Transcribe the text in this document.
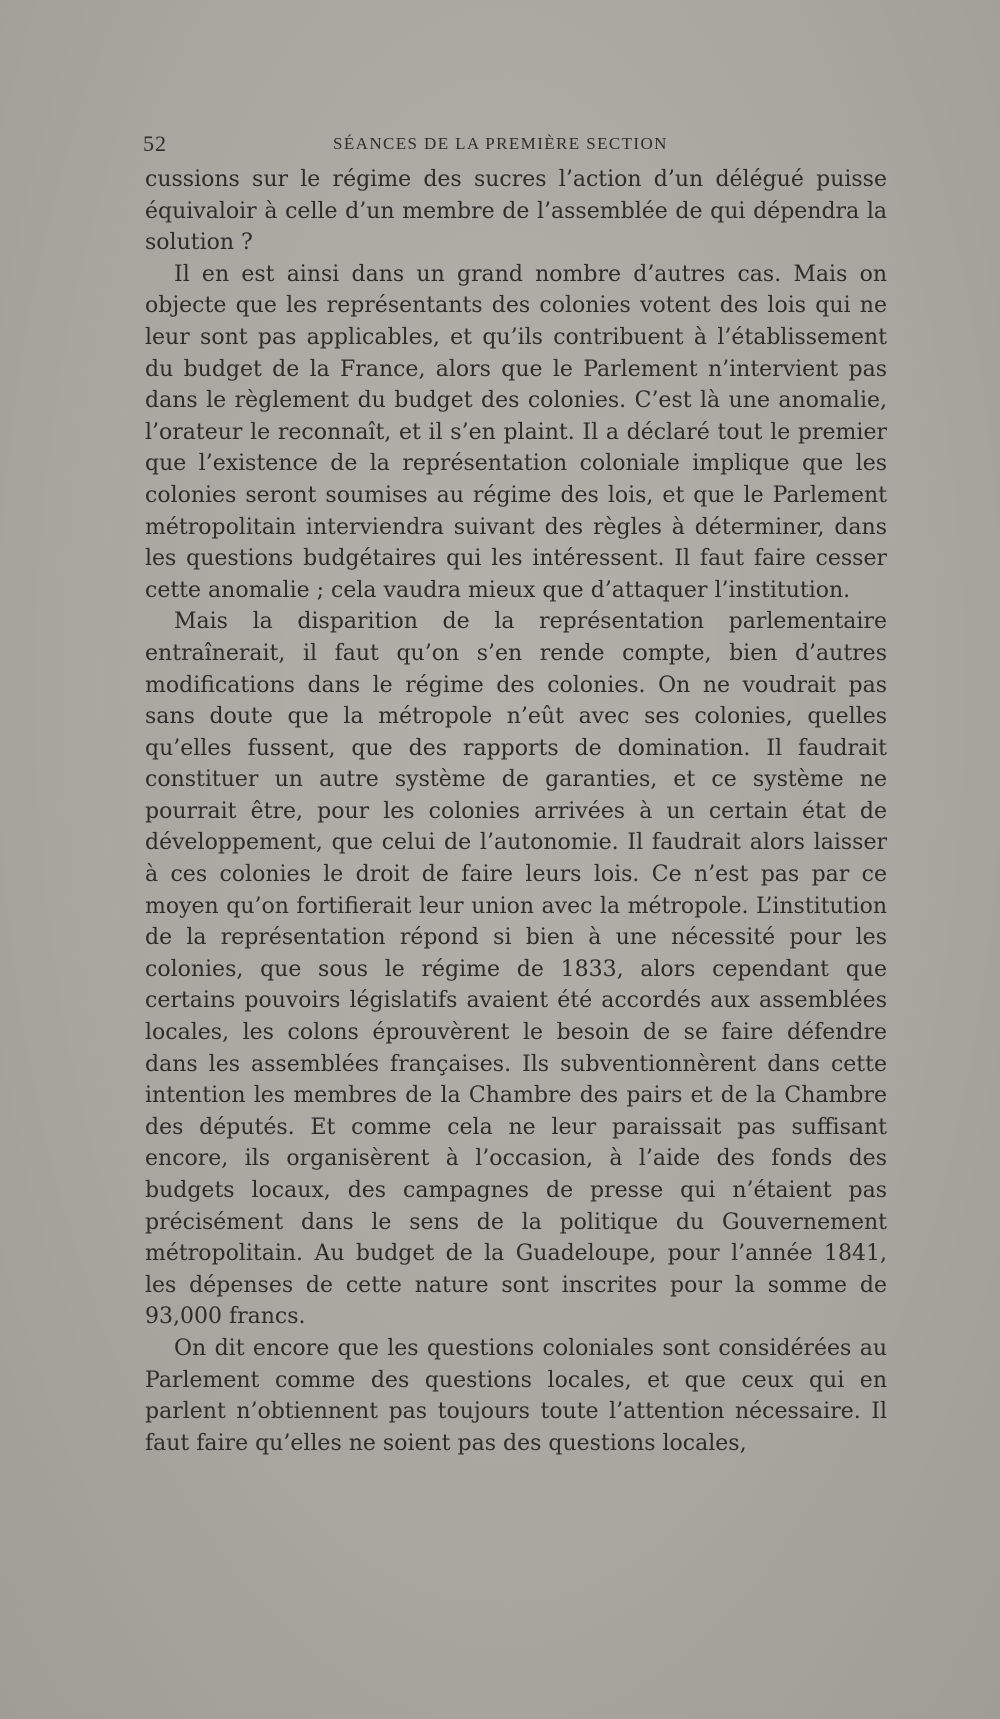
52	SÉANCES DE LA PREMIÈRE SECTION

cussions sur le régime des sucres l’action d’un délégué puisse équivaloir à celle d’un membre de l’assemblée de qui dépendra la solution ?

Il en est ainsi dans un grand nombre d’autres cas. Mais on objecte que les représentants des colonies votent des lois qui ne leur sont pas applicables, et qu’ils contribuent à l’établissement du budget de la France, alors que le Parlement n’intervient pas dans le règlement du budget des colonies. C’est là une anomalie, l’orateur le reconnaît, et il s’en plaint. Il a déclaré tout le premier que l’existence de la représentation coloniale implique que les colonies seront soumises au régime des lois, et que le Parlement métropolitain interviendra suivant des règles à déterminer, dans les questions budgétaires qui les intéressent. Il faut faire cesser cette anomalie ; cela vaudra mieux que d’attaquer l’institution.

Mais la disparition de la représentation parlementaire entraînerait, il faut qu’on s’en rende compte, bien d’autres modifications dans le régime des colonies. On ne voudrait pas sans doute que la métropole n’eût avec ses colonies, quelles qu’elles fussent, que des rapports de domination. Il faudrait constituer un autre système de garanties, et ce système ne pourrait être, pour les colonies arrivées à un certain état de développement, que celui de l’autonomie. Il faudrait alors laisser à ces colonies le droit de faire leurs lois. Ce n’est pas par ce moyen qu’on fortifierait leur union avec la métropole. L’institution de la représentation répond si bien à une nécessité pour les colonies, que sous le régime de 1833, alors cependant que certains pouvoirs législatifs avaient été accordés aux assemblées locales, les colons éprouvèrent le besoin de se faire défendre dans les assemblées françaises. Ils subventionnèrent dans cette intention les membres de la Chambre des pairs et de la Chambre des députés. Et comme cela ne leur paraissait pas suffisant encore, ils organisèrent à l’occasion, à l’aide des fonds des budgets locaux, des campagnes de presse qui n’étaient pas précisément dans le sens de la politique du Gouvernement métropolitain. Au budget de la Guadeloupe, pour l’année 1841, les dépenses de cette nature sont inscrites pour la somme de 93,000 francs.

On dit encore que les questions coloniales sont considérées au Parlement comme des questions locales, et que ceux qui en parlent n’obtiennent pas toujours toute l’attention nécessaire. Il faut faire qu’elles ne soient pas des questions locales,
